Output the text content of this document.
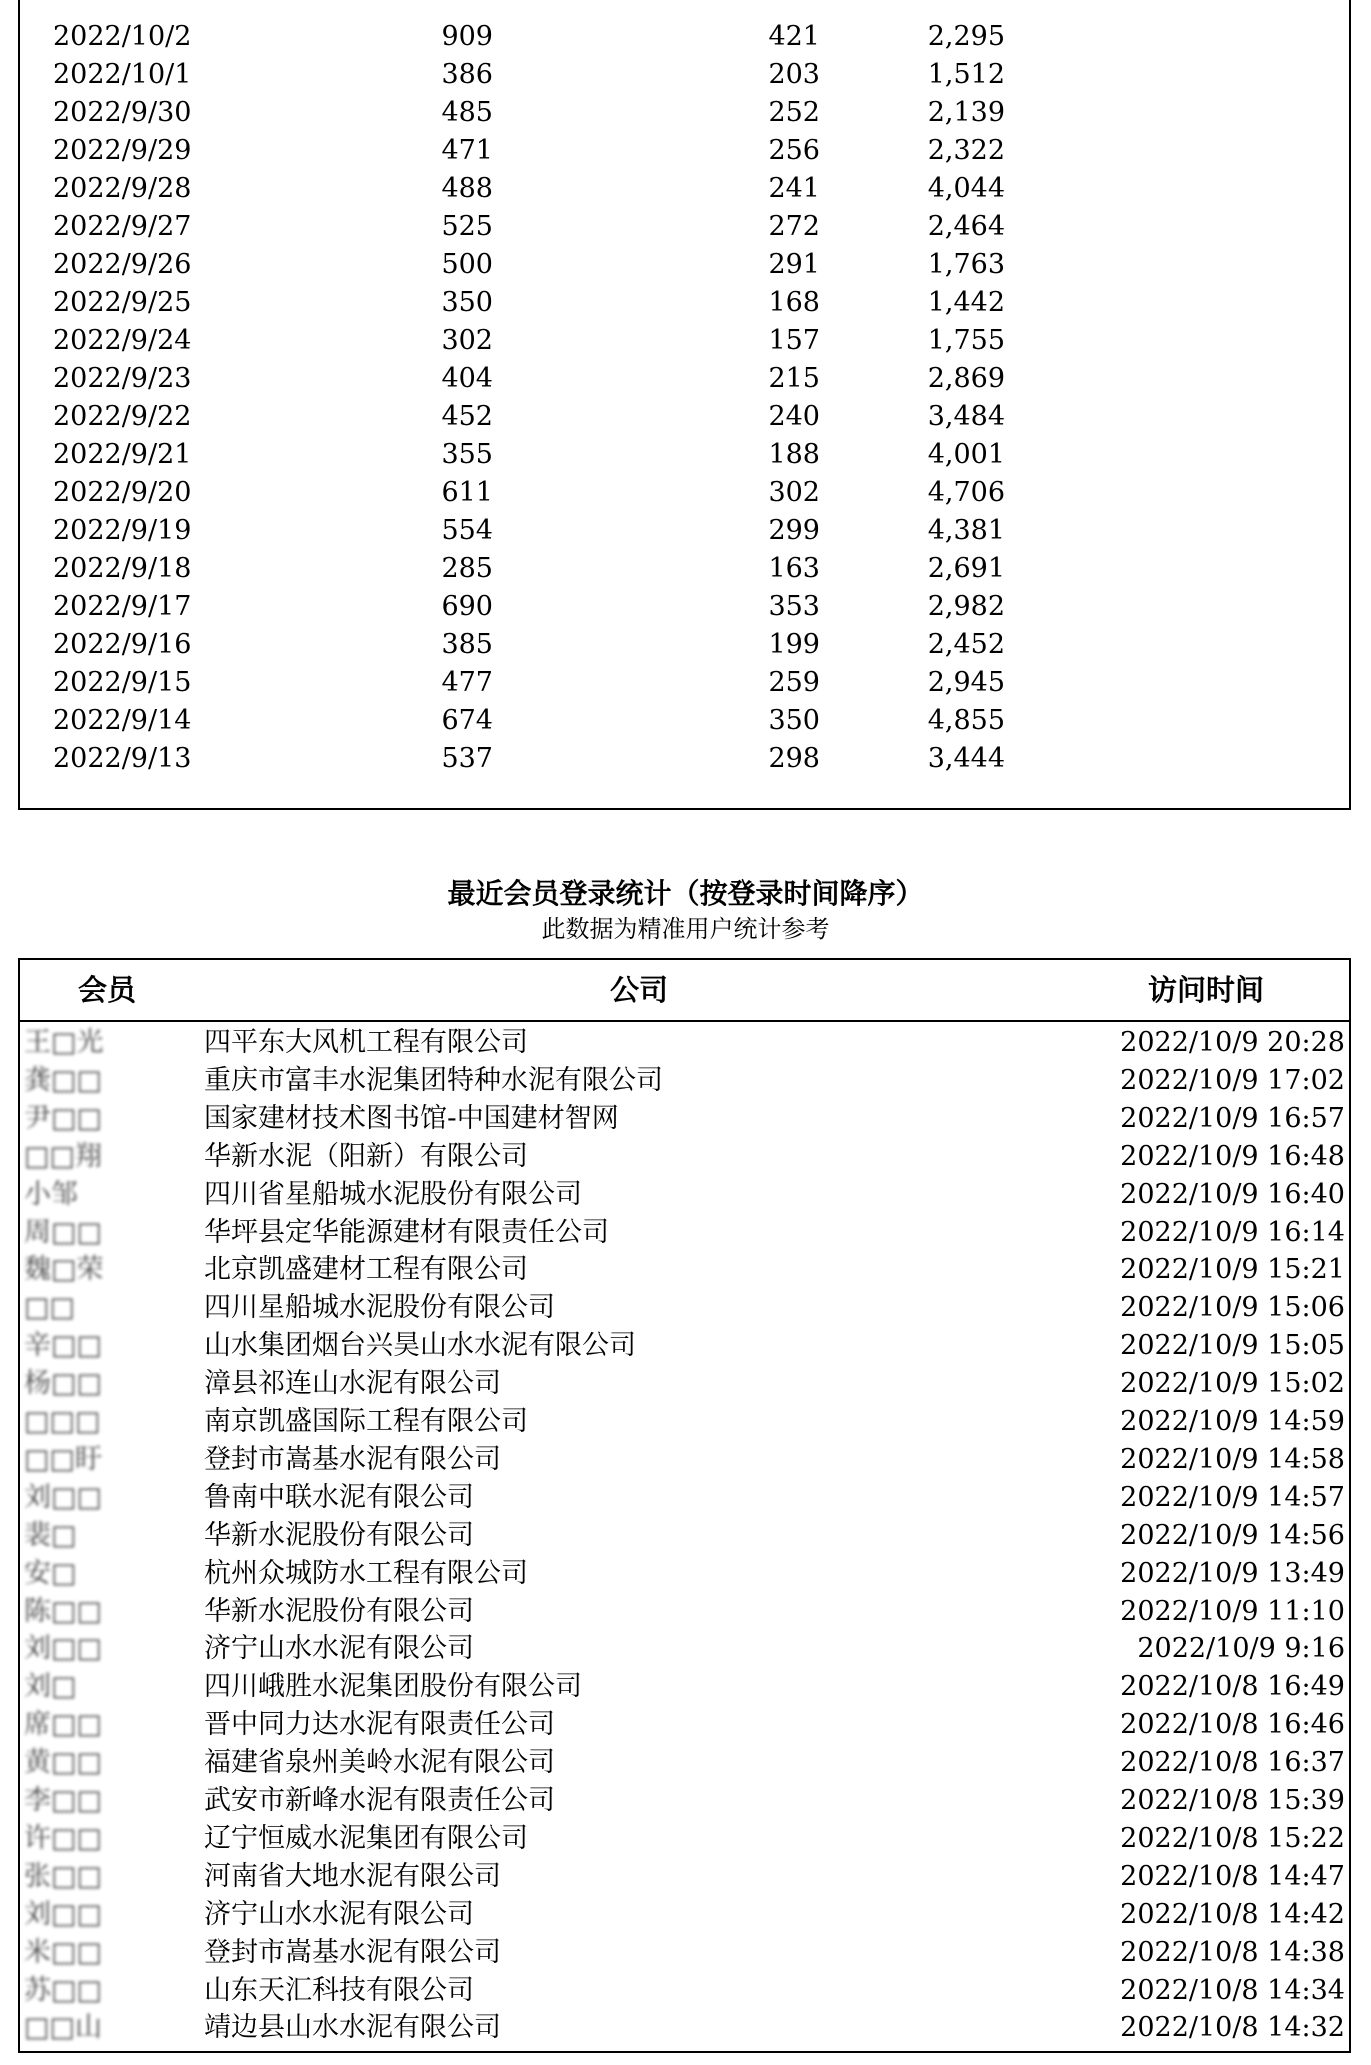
2022/10/2	909	421	2,295
2022/10/1	386	203	1,512
2022/9/30	485	252	2,139
2022/9/29	471	256	2,322
2022/9/28	488	241	4,044
2022/9/27	525	272	2,464
2022/9/26	500	291	1,763
2022/9/25	350	168	1,442
2022/9/24	302	157	1,755
2022/9/23	404	215	2,869
2022/9/22	452	240	3,484
2022/9/21	355	188	4,001
2022/9/20	611	302	4,706
2022/9/19	554	299	4,381
2022/9/18	285	163	2,691
2022/9/17	690	353	2,982
2022/9/16	385	199	2,452
2022/9/15	477	259	2,945
2022/9/14	674	350	4,855
2022/9/13	537	298	3,444
最近会员登录统计（按登录时间降序）
此数据为精准用户统计参考
会员	公司	访问时间
王□光	四平东大风机工程有限公司	2022/10/9 20:28
龚□□	重庆市富丰水泥集团特种水泥有限公司	2022/10/9 17:02
尹□□	国家建材技术图书馆-中国建材智网	2022/10/9 16:57
□□翔	华新水泥（阳新）有限公司	2022/10/9 16:48
小邹	四川省星船城水泥股份有限公司	2022/10/9 16:40
周□□	华坪县定华能源建材有限责任公司	2022/10/9 16:14
魏□荣	北京凯盛建材工程有限公司	2022/10/9 15:21
□□	四川星船城水泥股份有限公司	2022/10/9 15:06
辛□□	山水集团烟台兴昊山水水泥有限公司	2022/10/9 15:05
杨□□	漳县祁连山水泥有限公司	2022/10/9 15:02
□□□	南京凯盛国际工程有限公司	2022/10/9 14:59
□□盱	登封市嵩基水泥有限公司	2022/10/9 14:58
刘□□	鲁南中联水泥有限公司	2022/10/9 14:57
裴□	华新水泥股份有限公司	2022/10/9 14:56
安□	杭州众城防水工程有限公司	2022/10/9 13:49
陈□□	华新水泥股份有限公司	2022/10/9 11:10
刘□□	济宁山水水泥有限公司	2022/10/9 9:16
刘□	四川峨胜水泥集团股份有限公司	2022/10/8 16:49
席□□	晋中同力达水泥有限责任公司	2022/10/8 16:46
黄□□	福建省泉州美岭水泥有限公司	2022/10/8 16:37
李□□	武安市新峰水泥有限责任公司	2022/10/8 15:39
许□□	辽宁恒威水泥集团有限公司	2022/10/8 15:22
张□□	河南省大地水泥有限公司	2022/10/8 14:47
刘□□	济宁山水水泥有限公司	2022/10/8 14:42
米□□	登封市嵩基水泥有限公司	2022/10/8 14:38
苏□□	山东天汇科技有限公司	2022/10/8 14:34
□□山	靖边县山水水泥有限公司	2022/10/8 14:32
